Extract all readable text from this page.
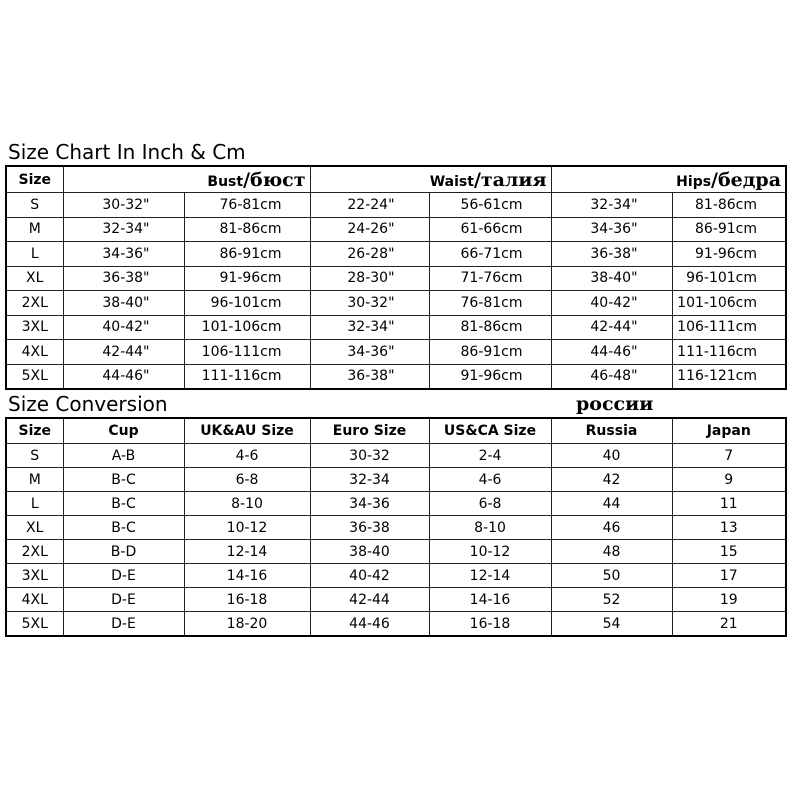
Size Chart In Inch & Cm
Size	Bust/бюст		Waist/талия		Hips/бедра	
S	30-32"	76-81cm	22-24"	56-61cm	32-34"	81-86cm
M	32-34"	81-86cm	24-26"	61-66cm	34-36"	86-91cm
L	34-36"	86-91cm	26-28"	66-71cm	36-38"	91-96cm
XL	36-38"	91-96cm	28-30"	71-76cm	38-40"	96-101cm
2XL	38-40"	96-101cm	30-32"	76-81cm	40-42"	101-106cm
3XL	40-42"	101-106cm	32-34"	81-86cm	42-44"	106-111cm
4XL	42-44"	106-111cm	34-36"	86-91cm	44-46"	111-116cm
5XL	44-46"	111-116cm	36-38"	91-96cm	46-48"	116-121cm
Size Conversion	россии
Size	Cup	UK&AU Size	Euro Size	US&CA Size	Russia	Japan
S	A-B	4-6	30-32	2-4	40	7
M	B-C	6-8	32-34	4-6	42	9
L	B-C	8-10	34-36	6-8	44	11
XL	B-C	10-12	36-38	8-10	46	13
2XL	B-D	12-14	38-40	10-12	48	15
3XL	D-E	14-16	40-42	12-14	50	17
4XL	D-E	16-18	42-44	14-16	52	19
5XL	D-E	18-20	44-46	16-18	54	21
